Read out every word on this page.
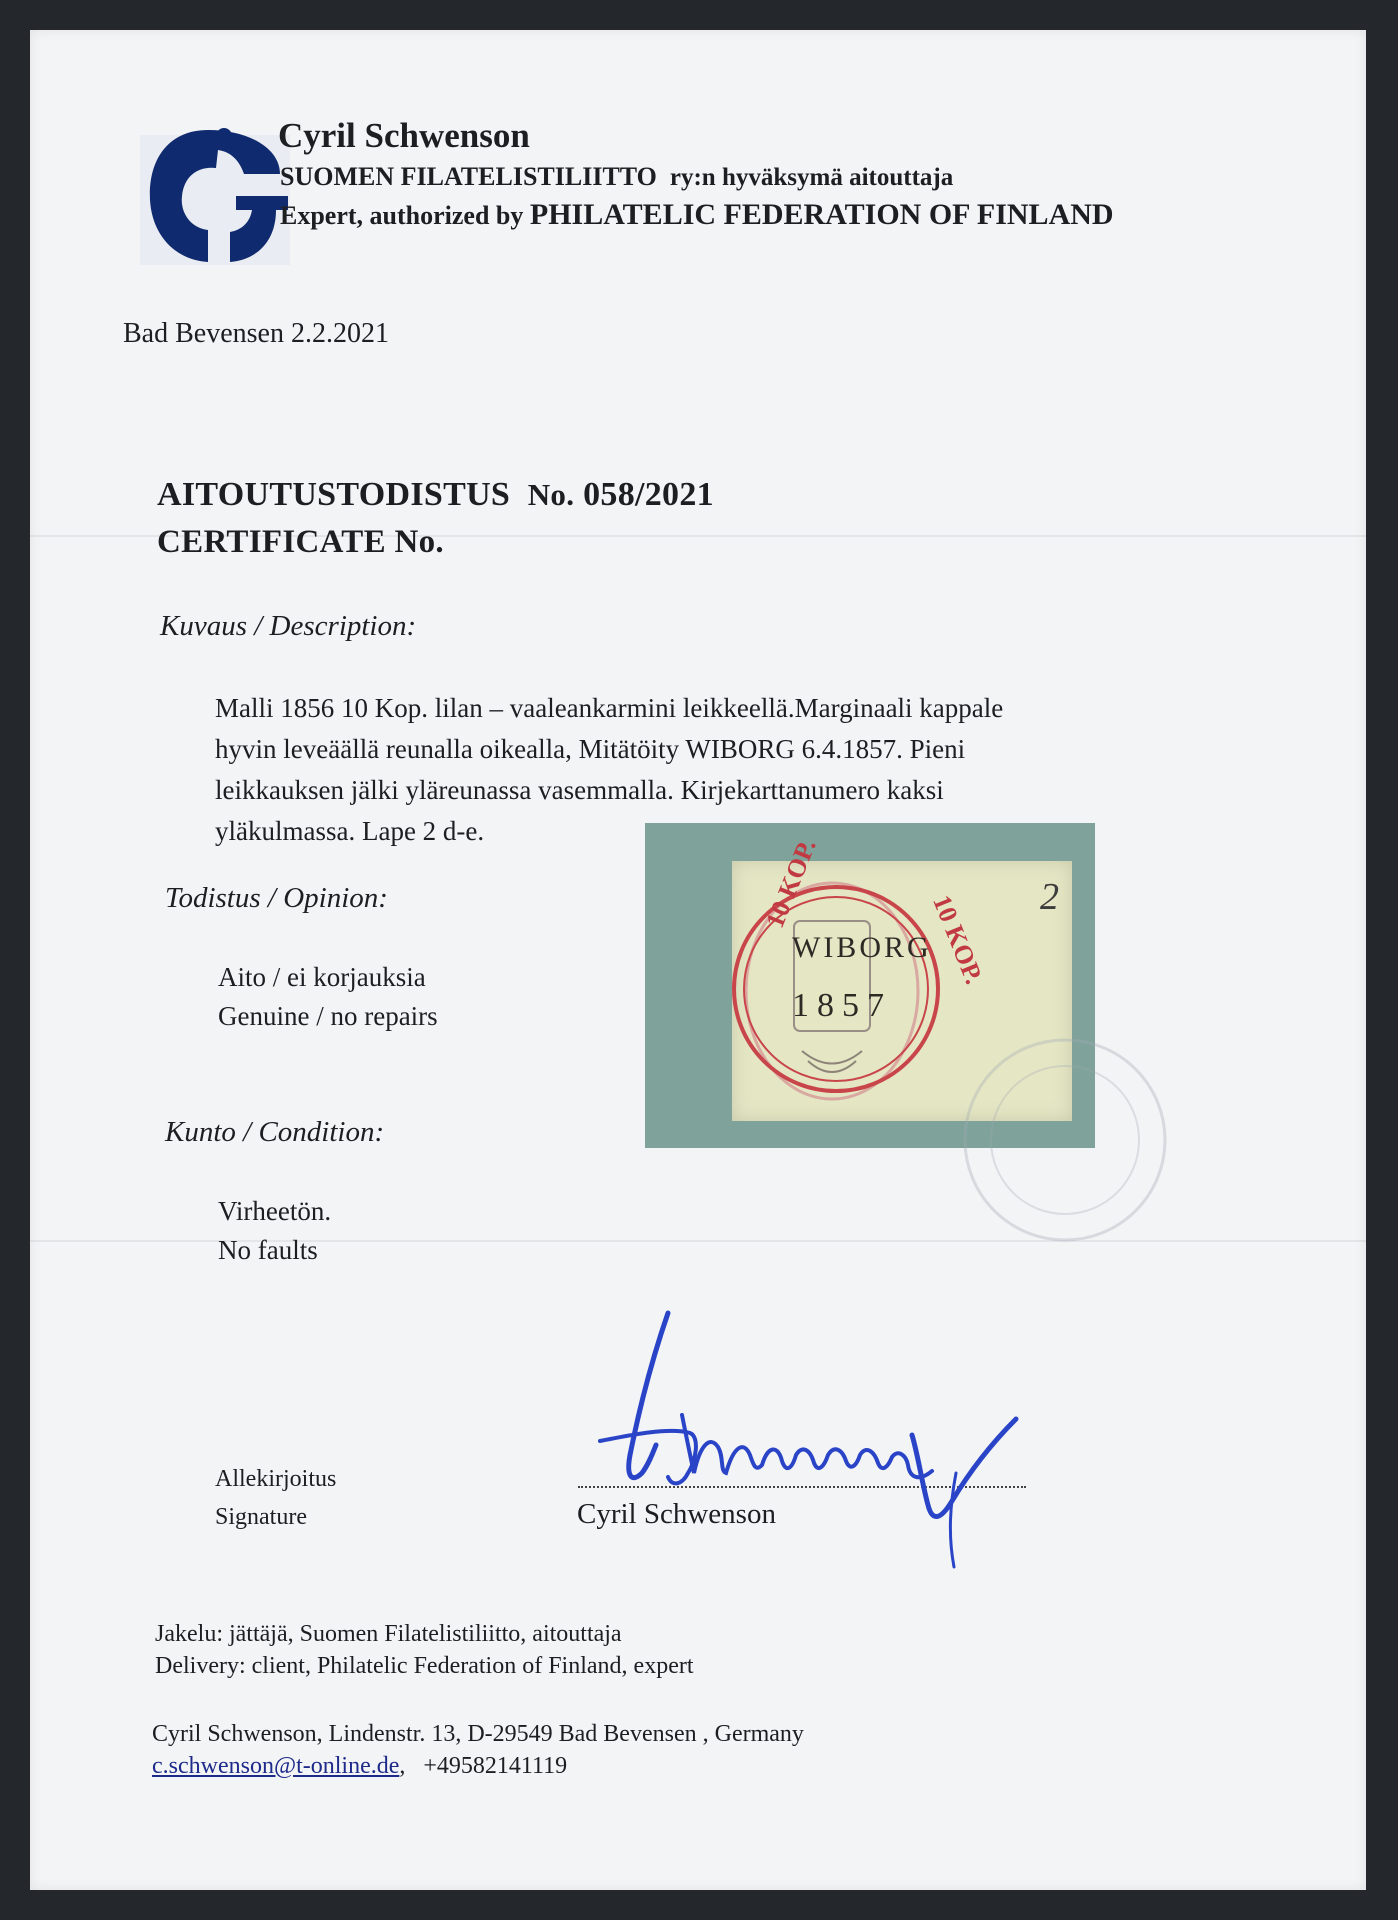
Cyril Schwenson
SUOMEN FILATELISTILIITTO ry:n hyväksymä aitouttaja
Expert, authorized by PHILATELIC FEDERATION OF FINLAND
Bad Bevensen 2.2.2021
AITOUTUSTODISTUS No. 058/2021
CERTIFICATE No.
Kuvaus / Description:
Malli 1856 10 Kop. lilan – vaaleankarmini leikkeellä.Marginaali kappale
hyvin leveäällä reunalla oikealla, Mitätöity WIBORG 6.4.1857. Pieni
leikkauksen jälki yläreunassa vasemmalla. Kirjekarttanumero kaksi
yläkulmassa. Lape 2 d-e.
Todistus / Opinion:
Aito / ei korjauksia
Genuine / no repairs
10 KOP.
10 KOP.
WIBORG
1857
2
Kunto / Condition:
Virheetön.
No faults
Allekirjoitus
Signature	Cyril Schwenson
Jakelu: jättäjä, Suomen Filatelistiliitto, aitouttaja
Delivery: client, Philatelic Federation of Finland, expert
Cyril Schwenson, Lindenstr. 13, D-29549 Bad Bevensen , Germany
c.schwenson@t-online.de, +49582141119
